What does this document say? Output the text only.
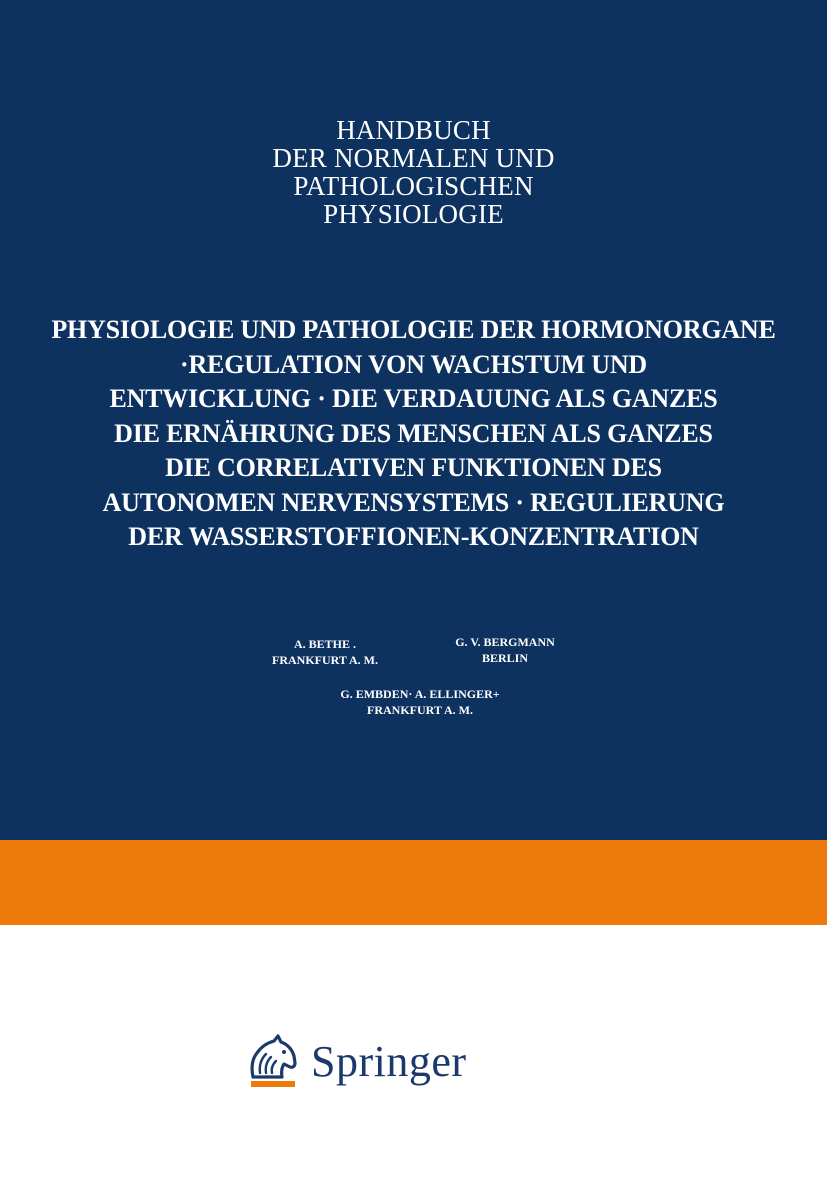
HANDBUCH
DER NORMALEN UND
PATHOLOGISCHEN
PHYSIOLOGIE
PHYSIOLOGIE UND PATHOLOGIE DER HORMONORGANE
·REGULATION VON WACHSTUM UND
ENTWICKLUNG · DIE VERDAUUNG ALS GANZES
DIE ERNÄHRUNG DES MENSCHEN ALS GANZES
DIE CORRELATIVEN FUNKTIONEN DES
AUTONOMEN NERVENSYSTEMS · REGULIERUNG
DER WASSERSTOFFIONEN-KONZENTRATION
A. BETHE .
FRANKFURT A. M.
G. V. BERGMANN
BERLIN
G. EMBDEN· A. ELLINGER+
FRANKFURT A. M.
Springer
